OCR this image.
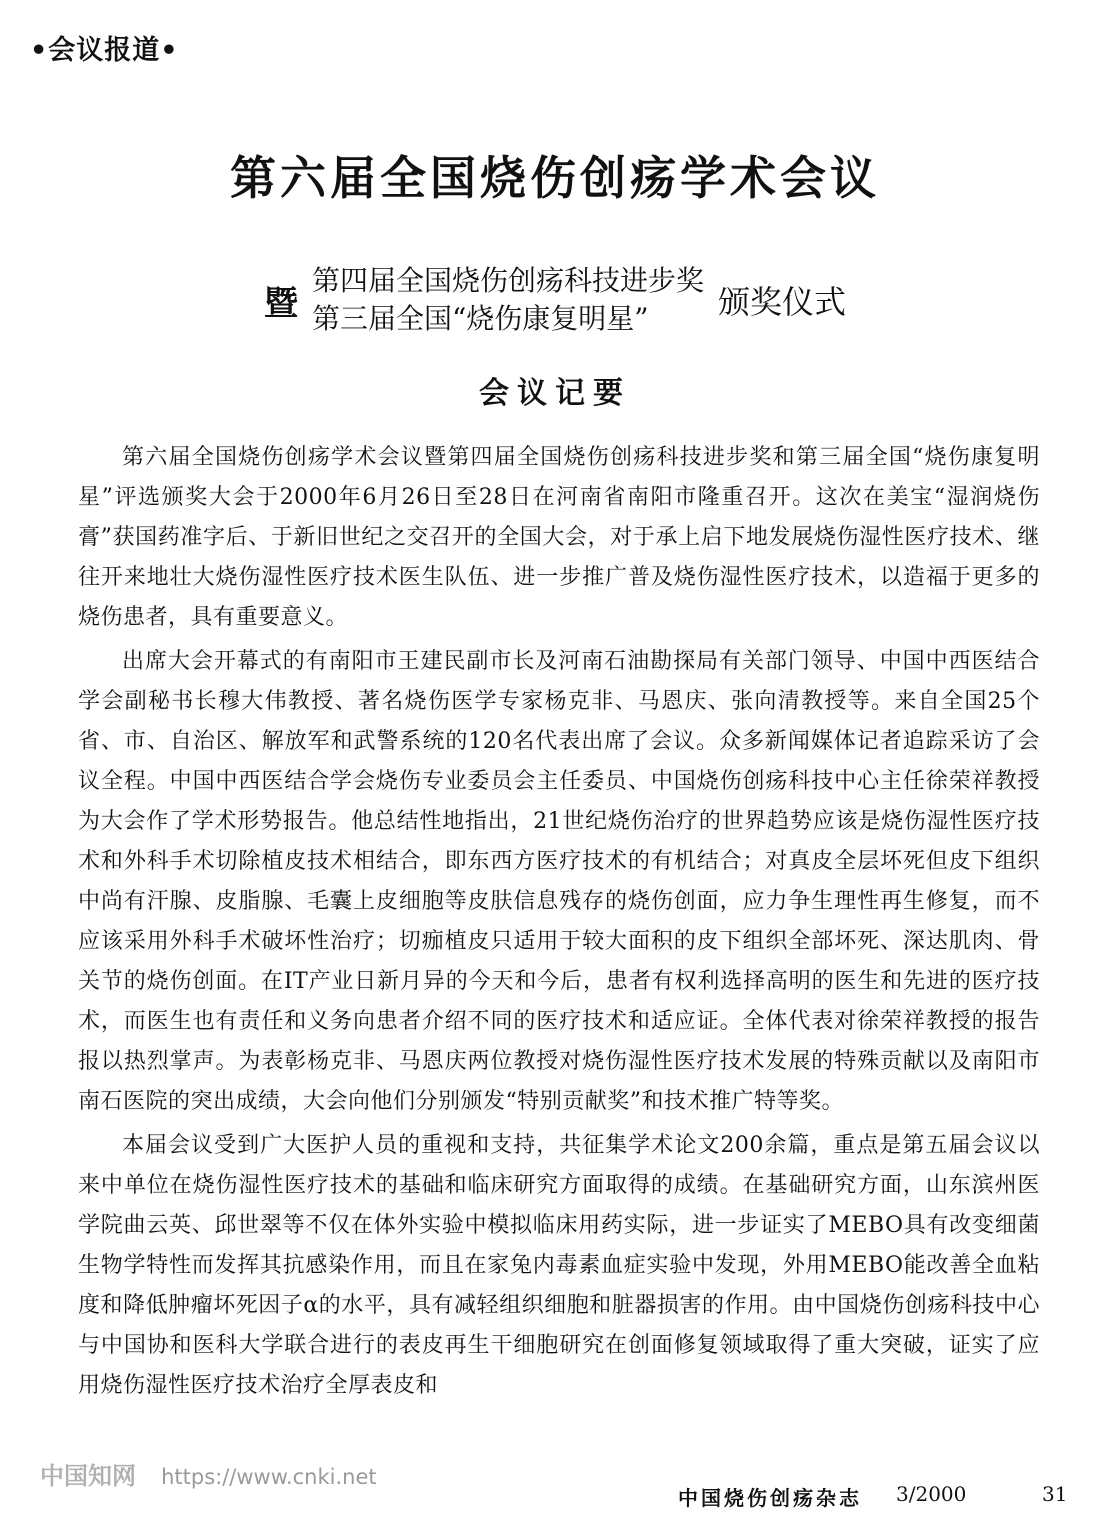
•会议报道•
第六届全国烧伤创疡学术会议
暨
第四届全国烧伤创疡科技进步奖
第三届全国“烧伤康复明星”	颁奖仪式
会议记要

第六届全国烧伤创疡学术会议暨第四届全国烧伤创疡科技进步奖和第三届全国“烧伤康复明星”评选颁奖大会于2000年6月26日至28日在河南省南阳市隆重召开。这次在美宝“湿润烧伤膏”获国药准字后、于新旧世纪之交召开的全国大会，对于承上启下地发展烧伤湿性医疗技术、继往开来地壮大烧伤湿性医疗技术医生队伍、进一步推广普及烧伤湿性医疗技术，以造福于更多的烧伤患者，具有重要意义。

出席大会开幕式的有南阳市王建民副市长及河南石油勘探局有关部门领导、中国中西医结合学会副秘书长穆大伟教授、著名烧伤医学专家杨克非、马恩庆、张向清教授等。来自全国25个省、市、自治区、解放军和武警系统的120名代表出席了会议。众多新闻媒体记者追踪采访了会议全程。中国中西医结合学会烧伤专业委员会主任委员、中国烧伤创疡科技中心主任徐荣祥教授为大会作了学术形势报告。他总结性地指出，21世纪烧伤治疗的世界趋势应该是烧伤湿性医疗技术和外科手术切除植皮技术相结合，即东西方医疗技术的有机结合；对真皮全层坏死但皮下组织中尚有汗腺、皮脂腺、毛囊上皮细胞等皮肤信息残存的烧伤创面，应力争生理性再生修复，而不应该采用外科手术破坏性治疗；切痂植皮只适用于较大面积的皮下组织全部坏死、深达肌肉、骨关节的烧伤创面。在IT产业日新月异的今天和今后，患者有权利选择高明的医生和先进的医疗技术，而医生也有责任和义务向患者介绍不同的医疗技术和适应证。全体代表对徐荣祥教授的报告报以热烈掌声。为表彰杨克非、马恩庆两位教授对烧伤湿性医疗技术发展的特殊贡献以及南阳市南石医院的突出成绩，大会向他们分别颁发“特别贡献奖”和技术推广特等奖。

本届会议受到广大医护人员的重视和支持，共征集学术论文200余篇，重点是第五届会议以来中单位在烧伤湿性医疗技术的基础和临床研究方面取得的成绩。在基础研究方面，山东滨州医学院曲云英、邱世翠等不仅在体外实验中模拟临床用药实际，进一步证实了MEBO具有改变细菌生物学特性而发挥其抗感染作用，而且在家兔内毒素血症实验中发现，外用MEBO能改善全血粘度和降低肿瘤坏死因子α的水平，具有减轻组织细胞和脏器损害的作用。由中国烧伤创疡科技中心与中国协和医科大学联合进行的表皮再生干细胞研究在创面修复领域取得了重大突破，证实了应用烧伤湿性医疗技术治疗全厚表皮和

中国知网 https://www.cnki.net
中国烧伤创疡杂志 3/2000	31
